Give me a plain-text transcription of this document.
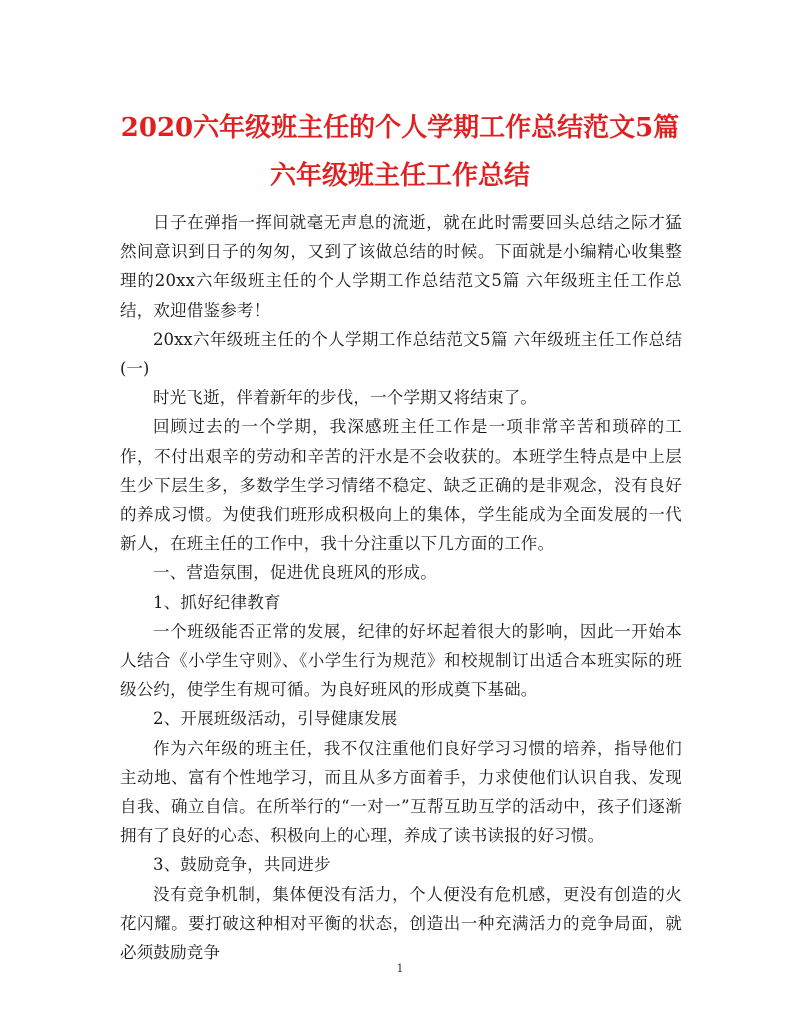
2020六年级班主任的个人学期工作总结范文5篇 六年级班主任工作总结

日子在弹指一挥间就毫无声息的流逝，就在此时需要回头总结之际才猛然间意识到日子的匆匆，又到了该做总结的时候。下面就是小编精心收集整理的20xx六年级班主任的个人学期工作总结范文5篇 六年级班主任工作总结，欢迎借鉴参考！

20xx六年级班主任的个人学期工作总结范文5篇 六年级班主任工作总结(一)

时光飞逝，伴着新年的步伐，一个学期又将结束了。

回顾过去的一个学期，我深感班主任工作是一项非常辛苦和琐碎的工作，不付出艰辛的劳动和辛苦的汗水是不会收获的。本班学生特点是中上层生少下层生多，多数学生学习情绪不稳定、缺乏正确的是非观念，没有良好的养成习惯。为使我们班形成积极向上的集体，学生能成为全面发展的一代新人，在班主任的工作中，我十分注重以下几方面的工作。

一、营造氛围，促进优良班风的形成。

1、抓好纪律教育

一个班级能否正常的发展，纪律的好坏起着很大的影响，因此一开始本人结合《小学生守则》、《小学生行为规范》和校规制订出适合本班实际的班级公约，使学生有规可循。为良好班风的形成奠下基础。

2、开展班级活动，引导健康发展

作为六年级的班主任，我不仅注重他们良好学习习惯的培养，指导他们主动地、富有个性地学习，而且从多方面着手，力求使他们认识自我、发现自我、确立自信。在所举行的“一对一”互帮互助互学的活动中，孩子们逐渐拥有了良好的心态、积极向上的心理，养成了读书读报的好习惯。

3、鼓励竞争，共同进步

没有竞争机制，集体便没有活力，个人便没有危机感，更没有创造的火花闪耀。要打破这种相对平衡的状态，创造出一种充满活力的竞争局面，就必须鼓励竞争

1
